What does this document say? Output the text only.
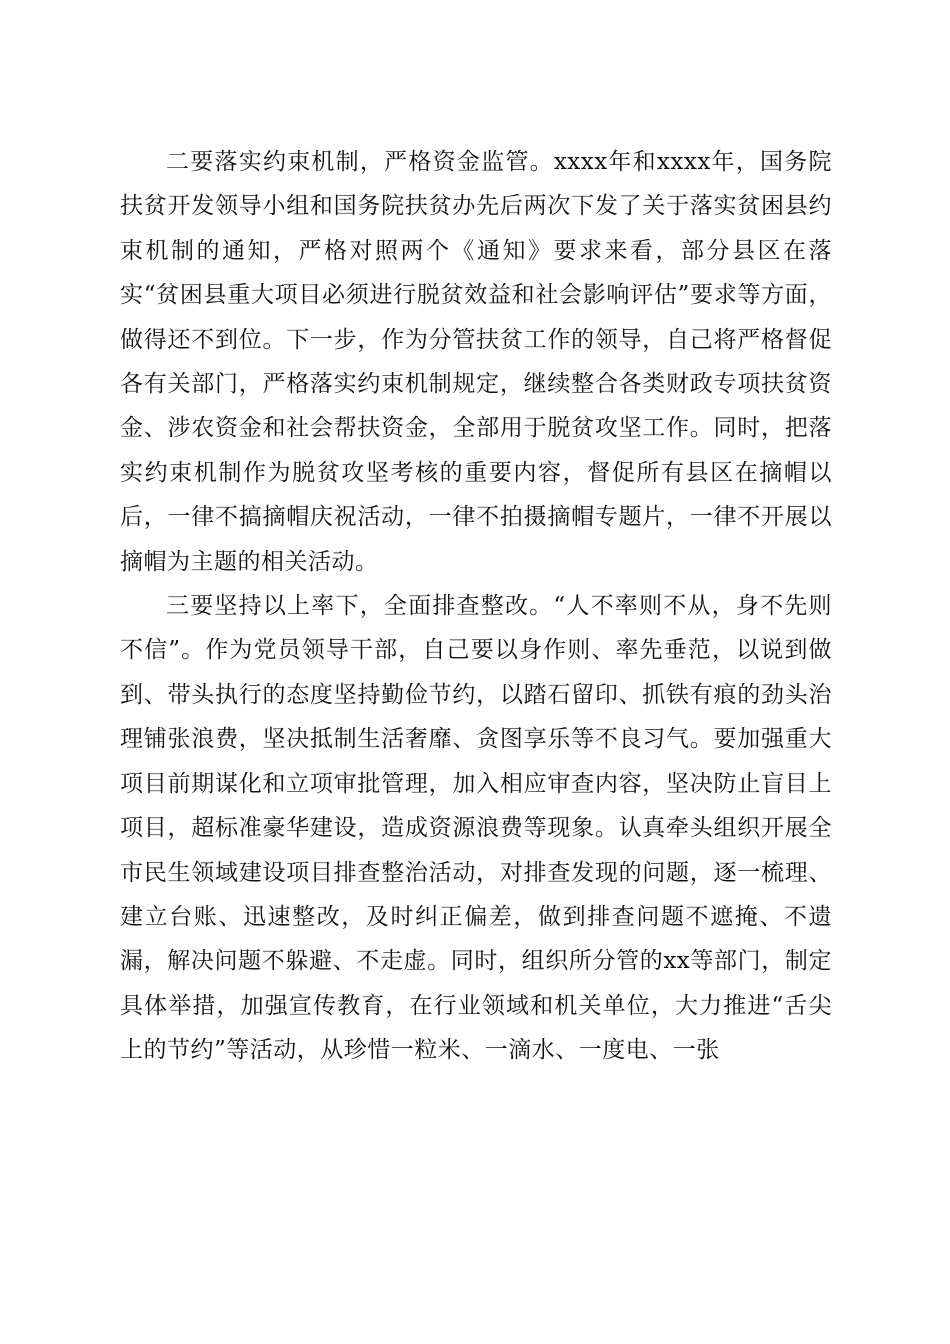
二要落实约束机制，严格资金监管。xxxx年和xxxx年，国务院扶贫开发领导小组和国务院扶贫办先后两次下发了关于落实贫困县约束机制的通知，严格对照两个《通知》要求来看，部分县区在落实“贫困县重大项目必须进行脱贫效益和社会影响评估”要求等方面，做得还不到位。下一步，作为分管扶贫工作的领导，自己将严格督促各有关部门，严格落实约束机制规定，继续整合各类财政专项扶贫资金、涉农资金和社会帮扶资金，全部用于脱贫攻坚工作。同时，把落实约束机制作为脱贫攻坚考核的重要内容，督促所有县区在摘帽以后，一律不搞摘帽庆祝活动，一律不拍摄摘帽专题片，一律不开展以摘帽为主题的相关活动。

三要坚持以上率下，全面排查整改。“人不率则不从，身不先则不信”。作为党员领导干部，自己要以身作则、率先垂范，以说到做到、带头执行的态度坚持勤俭节约，以踏石留印、抓铁有痕的劲头治理铺张浪费，坚决抵制生活奢靡、贪图享乐等不良习气。要加强重大项目前期谋化和立项审批管理，加入相应审查内容，坚决防止盲目上项目，超标准豪华建设，造成资源浪费等现象。认真牵头组织开展全市民生领域建设项目排查整治活动，对排查发现的问题，逐一梳理、建立台账、迅速整改，及时纠正偏差，做到排查问题不遮掩、不遗漏，解决问题不躲避、不走虚。同时，组织所分管的xx等部门，制定具体举措，加强宣传教育，在行业领域和机关单位，大力推进“舌尖上的节约”等活动，从珍惜一粒米、一滴水、一度电、一张
